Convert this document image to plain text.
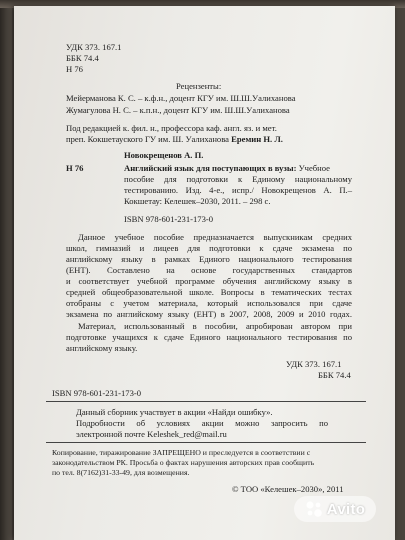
УДК 373. 167.1
ББК 74.4
Н 76
Рецензенты:
Мейерманова К. С. – к.ф.н., доцент КГУ им. Ш.Ш.Уалиханова
Жумагулова Н. С. – к.п.н., доцент КГУ им. Ш.Ш.Уалиханова
Под редакцией к. фил. н., профессора каф. англ. яз. и мет.
преп. Кокшетауского ГУ им. Ш. Уалиханова Еремин Н. Л.
Новокрещенов А. П.
Н 76	Английский язык для поступающих в вузы: Учебное
пособие для подготовки к Единому национальному
тестированию. Изд. 4-е., испр./ Новокрещенов А. П.–
Кокшетау: Келешек–2030, 2011. – 298 с.
ISBN 978-601-231-173-0
Данное учебное пособие предназначается выпускникам средних
школ, гимназий и лицеев для подготовки к сдаче экзамена по
английскому языку в рамках Единого национального тестирования
(ЕНТ). Составлено на основе государственных стандартов
и соответствует учебной программе обучения английскому языку в
средней общеобразовательной школе. Вопросы в тематических тестах
отобраны с учетом материала, который использовался при сдаче
экзамена по английскому языку (ЕНТ) в 2007, 2008, 2009 и 2010 годах.
Материал, использованный в пособии, апробирован автором при
подготовке учащихся к сдаче Единого национального тестирования по
английскому языку.
УДК 373. 167.1
ББК 74.4
ISBN 978-601-231-173-0
Данный сборник участвует в акции «Найди ошибку».
Подробности об условиях акции можно запросить по
электронной почте Keleshek_red@mail.ru
Копирование, тиражирование ЗАПРЕЩЕНО и преследуется в соответствии с
законодательством РК. Просьба о фактах нарушения авторских прав сообщить
по тел. 8(7162)31-33-49, для возмещения.
© ТОО «Келешек–2030», 2011
Avito
